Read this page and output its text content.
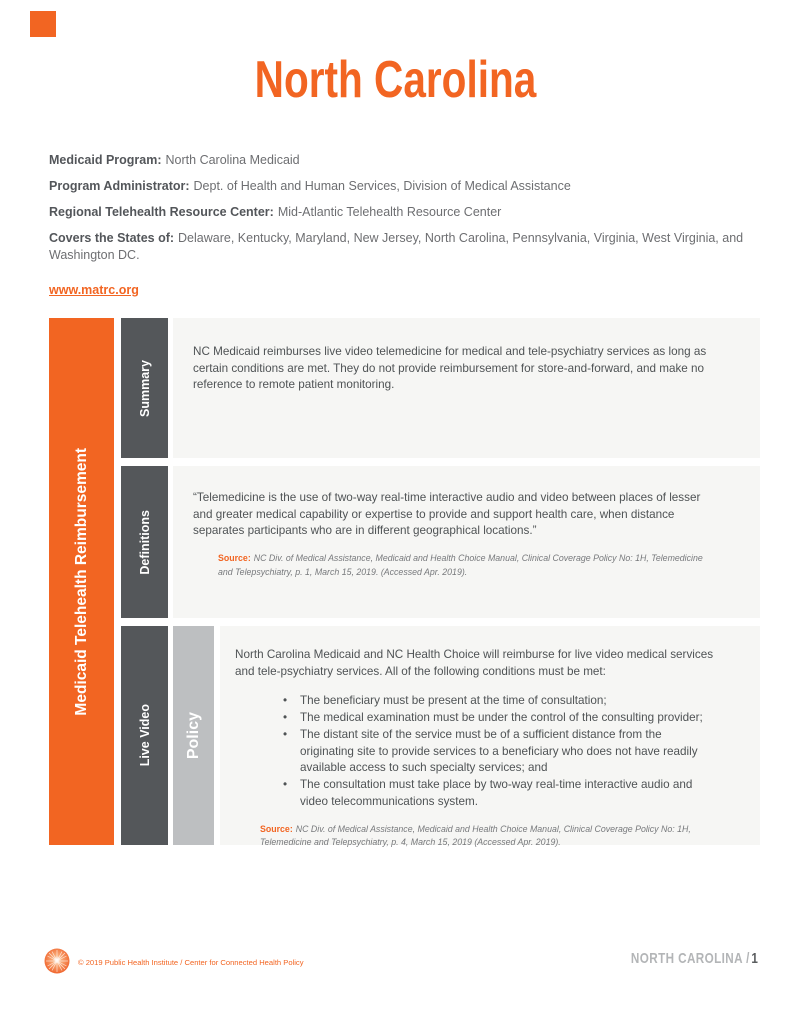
North Carolina

Medicaid Program: North Carolina Medicaid

Program Administrator: Dept. of Health and Human Services, Division of Medical Assistance

Regional Telehealth Resource Center: Mid-Atlantic Telehealth Resource Center

Covers the States of: Delaware, Kentucky, Maryland, New Jersey, North Carolina, Pennsylvania, Virginia, West Virginia, and Washington DC.

www.matrc.org
Medicaid Telehealth Reimbursement
Summary

NC Medicaid reimburses live video telemedicine for medical and tele-psychiatry services as long as certain conditions are met. They do not provide reimbursement for store-and-forward, and make no reference to remote patient monitoring.

Definitions

“Telemedicine is the use of two-way real-time interactive audio and video between places of lesser and greater medical capability or expertise to provide and support health care, when distance separates participants who are in different geographical locations.”

Source: NC Div. of Medical Assistance, Medicaid and Health Choice Manual, Clinical Coverage Policy No: 1H, Telemedicine and Telepsychiatry, p. 1, March 15, 2019. (Accessed Apr. 2019).

Live Video Policy

North Carolina Medicaid and NC Health Choice will reimburse for live video medical services and tele-psychiatry services. All of the following conditions must be met:

• The beneficiary must be present at the time of consultation;
• The medical examination must be under the control of the consulting provider;
• The distant site of the service must be of a sufficient distance from the originating site to provide services to a beneficiary who does not have readily available access to such specialty services; and
• The consultation must take place by two-way real-time interactive audio and video telecommunications system.

Source: NC Div. of Medical Assistance, Medicaid and Health Choice Manual, Clinical Coverage Policy No: 1H, Telemedicine and Telepsychiatry, p. 4, March 15, 2019 (Accessed Apr. 2019).

© 2019 Public Health Institute / Center for Connected Health Policy	NORTH CAROLINA / 1
